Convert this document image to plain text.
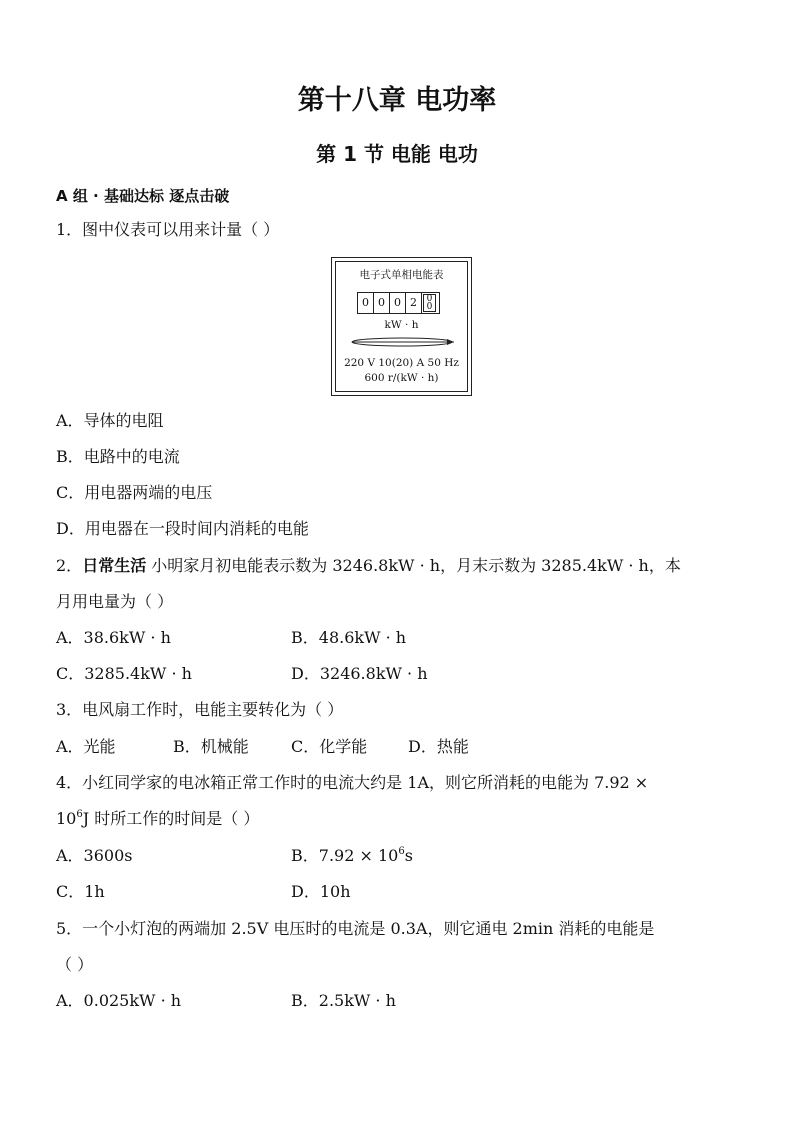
第十八章 电功率
第 1 节 电能 电功
A 组 · 基础达标 逐点击破
1．图中仪表可以用来计量（ ）
电子式单相电能表
0 0 0 2	0
0
kW · h
220 V 10(20) A 50 Hz
600 r/(kW · h)
A．导体的电阻
B．电路中的电流
C．用电器两端的电压
D．用电器在一段时间内消耗的电能
2．日常生活 小明家月初电能表示数为 3246.8kW · h，月末示数为 3285.4kW · h，本
月用电量为（ ）
A．38.6kW · h	B．48.6kW · h
C．3285.4kW · h	D．3246.8kW · h
3．电风扇工作时，电能主要转化为（ ）
A．光能	B．机械能	C．化学能	D．热能
4．小红同学家的电冰箱正常工作时的电流大约是 1A，则它所消耗的电能为 7.92 ×
$10^6J$ 时所工作的时间是（ ）
A．3600s	B．$7.92 \times 10^6s$
C．1h	D．10h
5．一个小灯泡的两端加 2.5V 电压时的电流是 0.3A，则它通电 2min 消耗的电能是
（ ）
A．0.025kW · h	B．2.5kW · h
